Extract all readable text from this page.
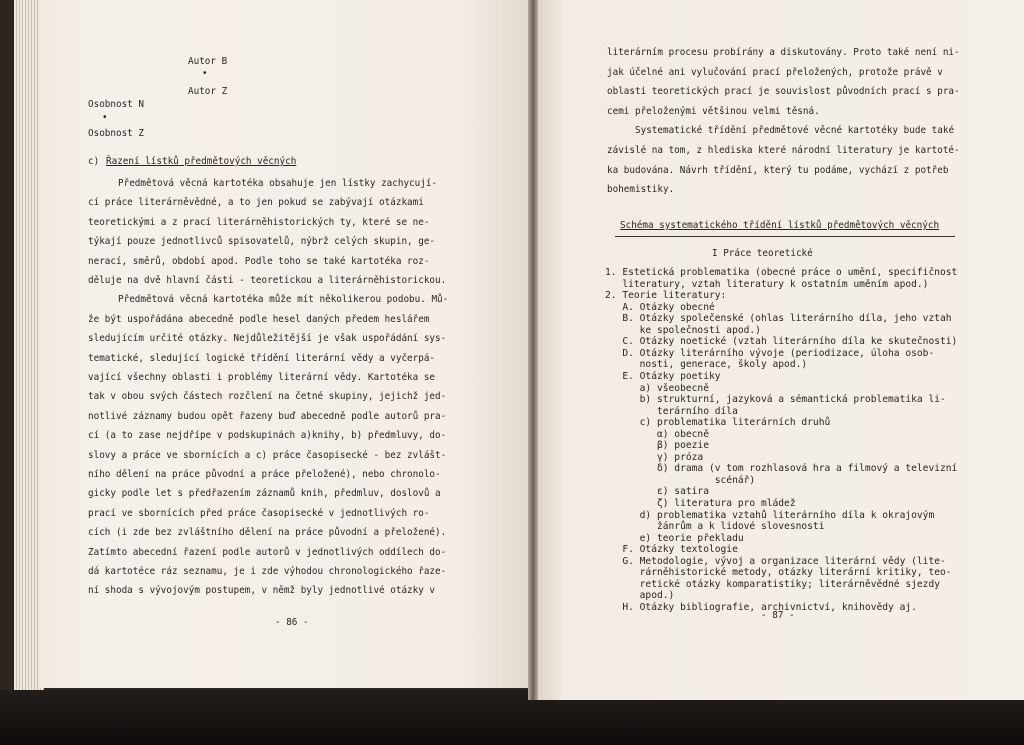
Autor B
•
Autor Z
Osobnost N
•
Osobnost Z
c) Řazení lístků předmětových věcných
Předmětová věcná kartotéka obsahuje jen lístky zachycují-
cí práce literárněvědné, a to jen pokud se zabývají otázkami
teoretickými a z prací literárněhistorických ty, které se ne-
týkají pouze jednotlivců spisovatelů, nýbrž celých skupin, ge-
nerací, směrů, období apod. Podle toho se také kartotéka roz-
děluje na dvě hlavní části - teoretickou a literárněhistorickou.
Předmětová věcná kartotéka může mít několikerou podobu. Mů-
že být uspořádána abecedně podle hesel daných předem heslářem
sledujícím určité otázky. Nejdůležitější je však uspořádání sys-
tematické, sledující logické třídění literární vědy a vyčerpá-
vající všechny oblasti i problémy literární vědy. Kartotéka se
tak v obou svých částech rozčlení na četné skupiny, jejichž jed-
notlivé záznamy budou opět řazeny buď abecedně podle autorů pra-
cí (a to zase nejdřípe v podskupinách a)knihy, b) předmluvy, do-
slovy a práce ve sbornících a c) práce časopisecké - bez zvlášt-
ního dělení na práce původní a práce přeložené), nebo chronolo-
gicky podle let s předřazením záznamů knih, předmluv, doslovů a
prací ve sbornících před práce časopisecké v jednotlivých ro-
cích (i zde bez zvláštního dělení na práce původní a přeložené).
Zatímto abecední řazení podle autorů v jednotlivých oddílech do-
dá kartotéce ráz seznamu, je i zde výhodou chronologického řaze-
ní shoda s vývojovým postupem, v němž byly jednotlivé otázky v
- 86 -
literárním procesu probírány a diskutovány. Proto také není ni-
jak účelné ani vylučování prací přeložených, protože právě v
oblasti teoretických prací je souvislost původních prací s pra-
cemi přeloženými většinou velmi těsná.
Systematické třídění předmětové věcné kartotéky bude také
závislé na tom, z hlediska které národní literatury je kartoté-
ka budována. Návrh třídění, který tu podáme, vychází z potřeb
bohemistiky.
Schéma systematického třídění lístků předmětových věcných
I Práce teoretické
1. Estetická problematika (obecné práce o umění, specifičnost
literatury, vztah literatury k ostatním uměním apod.)
2. Teorie literatury:
A. Otázky obecné
B. Otázky společenské (ohlas literárního díla, jeho vztah
ke společnosti apod.)
C. Otázky noetické (vztah literárního díla ke skutečnosti)
D. Otázky literárního vývoje (periodizace, úloha osob-
nosti, generace, školy apod.)
E. Otázky poetiky
a) všeobecně
b) strukturní, jazyková a sémantická problematika li-
terárního díla
c) problematika literárních druhů
α) obecně
β) poezie
γ) próza
δ) drama (v tom rozhlasová hra a filmový a televizní
scénář)
ε) satira
ζ) literatura pro mládež
d) problematika vztahů literárního díla k okrajovým
žánrům a k lidové slovesnosti
e) teorie překladu
F. Otázky textologie
G. Metodologie, vývoj a organizace literární vědy (lite-
rárněhistorické metody, otázky literární kritiky, teo-
retické otázky komparatistiky; literárněvědné sjezdy
apod.)
H. Otázky bibliografie, archivnictví, knihovědy aj.
- 87 -
